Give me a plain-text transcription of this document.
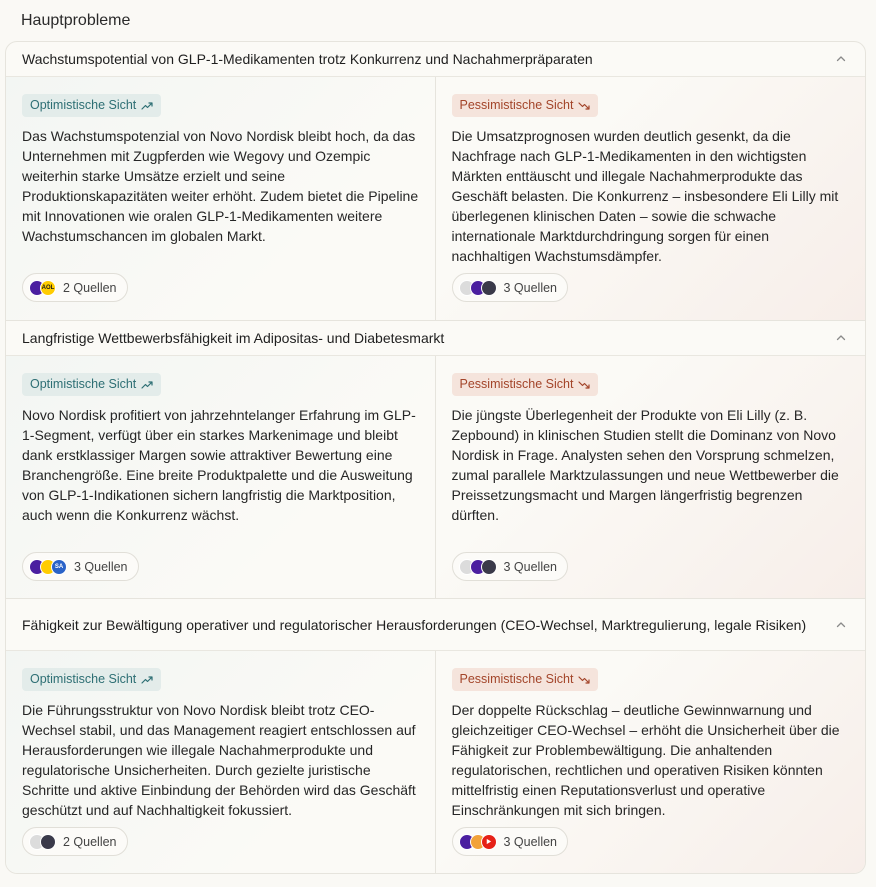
Hauptprobleme
Wachstumspotential von GLP-1-Medikamenten trotz Konkurrenz und Nachahmerpräparaten
Optimistische Sicht
Das Wachstumspotenzial von Novo Nordisk bleibt hoch, da das Unternehmen mit Zugpferden wie Wegovy und Ozempic weiterhin starke Umsätze erzielt und seine Produktionskapazitäten weiter erhöht. Zudem bietet die Pipeline mit Innovationen wie oralen GLP-1-Medikamenten weitere Wachstumschancen im globalen Markt.
AOL 2 Quellen
Pessimistische Sicht
Die Umsatzprognosen wurden deutlich gesenkt, da die Nachfrage nach GLP-1-Medikamenten in den wichtigsten Märkten enttäuscht und illegale Nachahmerprodukte das Geschäft belasten. Die Konkurrenz – insbesondere Eli Lilly mit überlegenen klinischen Daten – sowie die schwache internationale Marktdurchdringung sorgen für einen nachhaltigen Wachstumsdämpfer.
3 Quellen
Langfristige Wettbewerbsfähigkeit im Adipositas- und Diabetesmarkt
Optimistische Sicht
Novo Nordisk profitiert von jahrzehntelanger Erfahrung im GLP-1-Segment, verfügt über ein starkes Markenimage und bleibt dank erstklassiger Margen sowie attraktiver Bewertung eine Branchengröße. Eine breite Produktpalette und die Ausweitung von GLP-1-Indikationen sichern langfristig die Marktposition, auch wenn die Konkurrenz wächst.
SA 3 Quellen
Pessimistische Sicht
Die jüngste Überlegenheit der Produkte von Eli Lilly (z. B. Zepbound) in klinischen Studien stellt die Dominanz von Novo Nordisk in Frage. Analysten sehen den Vorsprung schmelzen, zumal parallele Marktzulassungen und neue Wettbewerber die Preissetzungsmacht und Margen längerfristig begrenzen dürften.
3 Quellen
Fähigkeit zur Bewältigung operativer und regulatorischer Herausforderungen (CEO-Wechsel, Marktregulierung, legale Risiken)
Optimistische Sicht
Die Führungsstruktur von Novo Nordisk bleibt trotz CEO-Wechsel stabil, und das Management reagiert entschlossen auf Herausforderungen wie illegale Nachahmerprodukte und regulatorische Unsicherheiten. Durch gezielte juristische Schritte und aktive Einbindung der Behörden wird das Geschäft geschützt und auf Nachhaltigkeit fokussiert.
2 Quellen
Pessimistische Sicht
Der doppelte Rückschlag – deutliche Gewinnwarnung und gleichzeitiger CEO-Wechsel – erhöht die Unsicherheit über die Fähigkeit zur Problembewältigung. Die anhaltenden regulatorischen, rechtlichen und operativen Risiken könnten mittelfristig einen Reputationsverlust und operative Einschränkungen mit sich bringen.
3 Quellen
